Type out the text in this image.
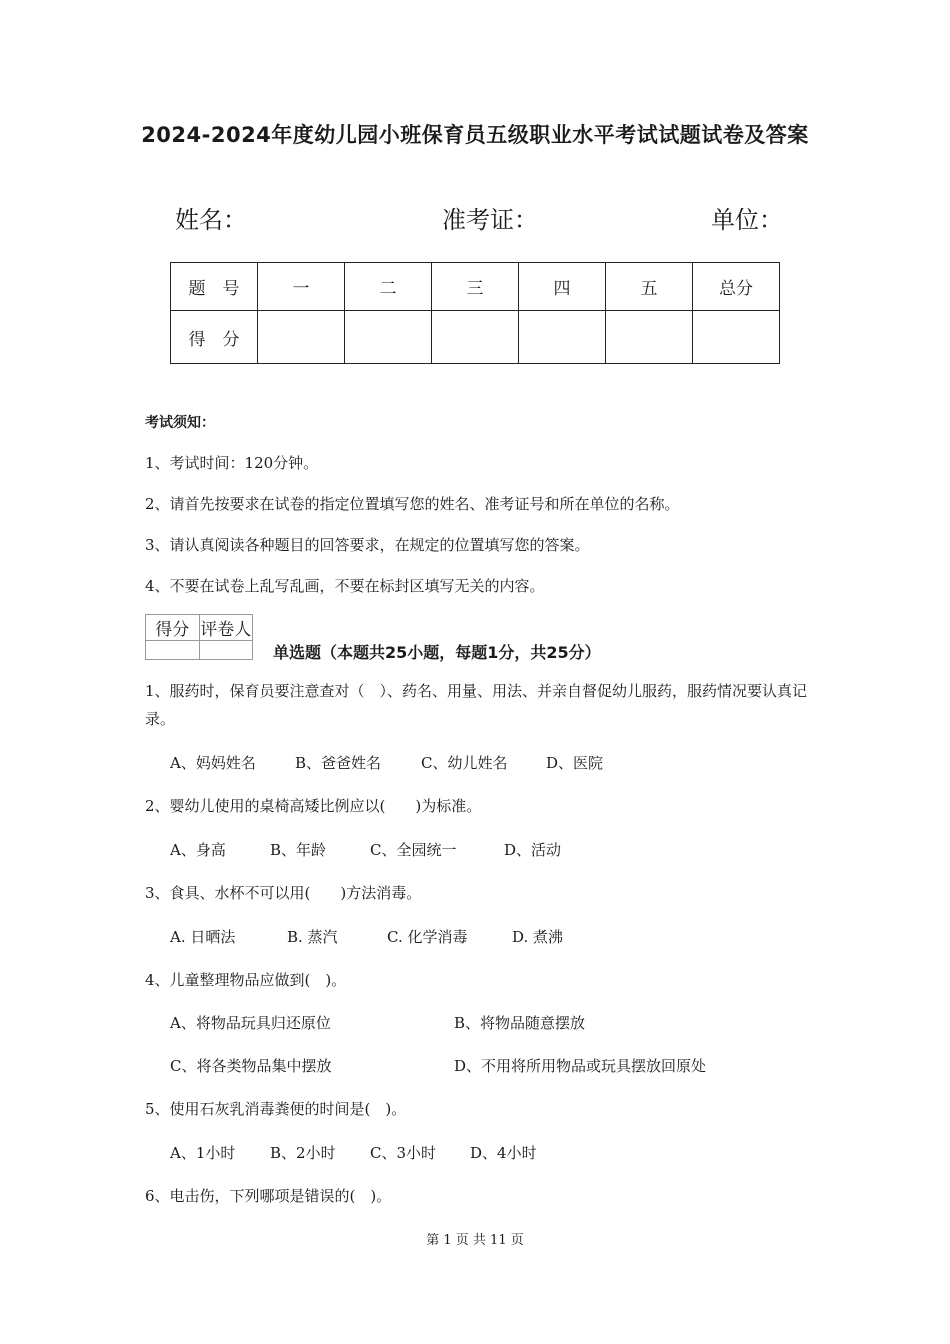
2024-2024年度幼儿园小班保育员五级职业水平考试试题试卷及答案
姓名：	准考证：	单位：
题　号	一	二	三	四	五	总分
得　分						
考试须知：
1、考试时间：120分钟。
2、请首先按要求在试卷的指定位置填写您的姓名、准考证号和所在单位的名称。
3、请认真阅读各种题目的回答要求，在规定的位置填写您的答案。
4、不要在试卷上乱写乱画，不要在标封区填写无关的内容。
得分	评卷人

单选题（本题共25小题，每题1分，共25分）
1、服药时，保育员要注意查对（　）、药名、用量、用法、并亲自督促幼儿服药，服药情况要认真记录。
A、妈妈姓名	B、爸爸姓名	C、幼儿姓名	D、医院
2、婴幼儿使用的桌椅高矮比例应以(　　)为标准。
A、身高	B、年龄	C、全园统一	D、活动
3、食具、水杯不可以用(　　)方法消毒。
A. 日晒法	B. 蒸汽	C. 化学消毒	D. 煮沸
4、儿童整理物品应做到(　)。
A、将物品玩具归还原位	B、将物品随意摆放
C、将各类物品集中摆放	D、不用将所用物品或玩具摆放回原处
5、使用石灰乳消毒粪便的时间是(　)。
A、1小时 B、2小时 C、3小时 D、4小时
6、电击伤，下列哪项是错误的(　)。
第 1 页 共 11 页
